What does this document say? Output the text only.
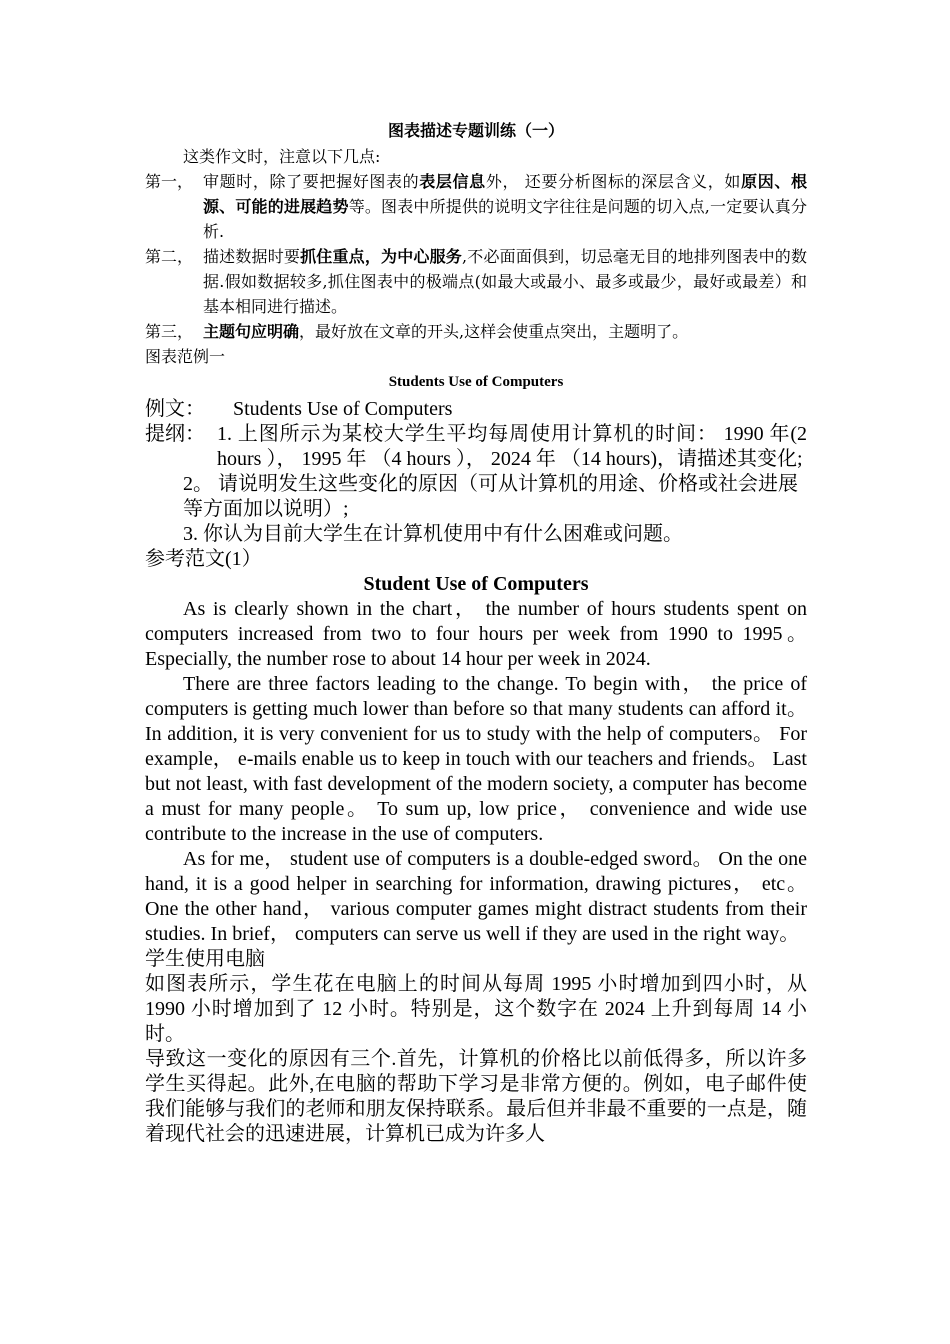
图表描述专题训练（一）

这类作文时，注意以下几点:

第一， 审题时，除了要把握好图表的表层信息外， 还要分析图标的深层含义，如原因、根源、可能的进展趋势等。图表中所提供的说明文字往往是问题的切入点,一定要认真分析.
第二， 描述数据时要抓住重点，为中心服务,不必面面俱到，切忌毫无目的地排列图表中的数据.假如数据较多,抓住图表中的极端点(如最大或最小、最多或最少，最好或最差）和基本相同进行描述。
第三， 主题句应明确，最好放在文章的开头,这样会使重点突出，主题明了。

图表范例一

Students Use of Computers

例文：	Students Use of Computers
提纲： 1. 上图所示为某校大学生平均每周使用计算机的时间： 1990 年(2 hours ）， 1995 年 （4 hours ）， 2024 年 （14 hours)，请描述其变化;
2。 请说明发生这些变化的原因（可从计算机的用途、价格或社会进展等方面加以说明）;
3. 你认为目前大学生在计算机使用中有什么困难或问题。

参考范文(1）

Student Use of Computers

As is clearly shown in the chart， the number of hours students spent on computers increased from two to four hours per week from 1990 to 1995。 Especially, the number rose to about 14 hour per week in 2024.

There are three factors leading to the change. To begin with， the price of computers is getting much lower than before so that many students can afford it。 In addition, it is very convenient for us to study with the help of computers。 For example， e-mails enable us to keep in touch with our teachers and friends。 Last but not least, with fast development of the modern society, a computer has become a must for many people。 To sum up, low price， convenience and wide use contribute to the increase in the use of computers.

As for me， student use of computers is a double-edged sword。 On the one hand, it is a good helper in searching for information, drawing pictures， etc。 One the other hand， various computer games might distract students from their studies. In brief， computers can serve us well if they are used in the right way。

学生使用电脑

如图表所示，学生花在电脑上的时间从每周 1995 小时增加到四小时，从 1990 小时增加到了 12 小时。特别是，这个数字在 2024 上升到每周 14 小时。

导致这一变化的原因有三个.首先，计算机的价格比以前低得多，所以许多学生买得起。此外,在电脑的帮助下学习是非常方便的。例如，电子邮件使我们能够与我们的老师和朋友保持联系。最后但并非最不重要的一点是，随着现代社会的迅速进展，计算机已成为许多人
